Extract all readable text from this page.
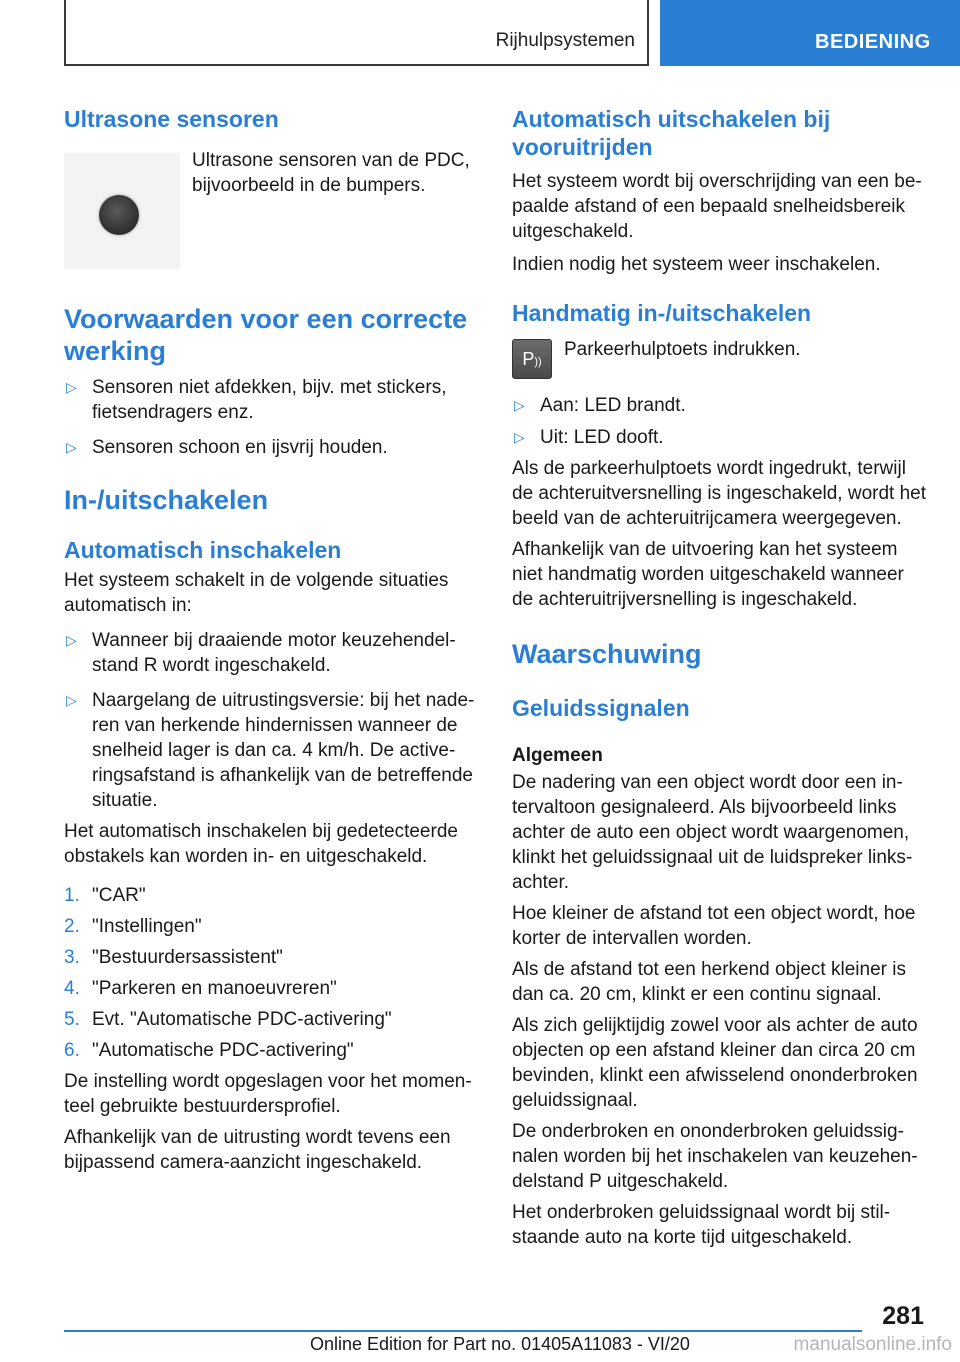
Rijhulpsystemen	BEDIENING
Ultrasone sensoren
Ultrasone sensoren van de PDC, bijvoorbeeld in de bumpers.
Voorwaarden voor een correcte werking
▷ Sensoren niet afdekken, bijv. met stickers, fietsendragers enz.
▷ Sensoren schoon en ijsvrij houden.
In-/uitschakelen
Automatisch inschakelen
Het systeem schakelt in de volgende situaties automatisch in:
▷ Wanneer bij draaiende motor keuzehendelstand R wordt ingeschakeld.
▷ Naargelang de uitrustingsversie: bij het naderen van herkende hindernissen wanneer de snelheid lager is dan ca. 4 km/h. De activeringsafstand is afhankelijk van de betreffende situatie.
Het automatisch inschakelen bij gedetecteerde obstakels kan worden in- en uitgeschakeld.
1. "CAR"
2. "Instellingen"
3. "Bestuurdersassistent"
4. "Parkeren en manoeuvreren"
5. Evt. "Automatische PDC-activering"
6. "Automatische PDC-activering"
De instelling wordt opgeslagen voor het momenteel gebruikte bestuurdersprofiel.
Afhankelijk van de uitrusting wordt tevens een bijpassend camera-aanzicht ingeschakeld.
Automatisch uitschakelen bij vooruitrijden
Het systeem wordt bij overschrijding van een bepaalde afstand of een bepaald snelheidsbereik uitgeschakeld.
Indien nodig het systeem weer inschakelen.
Handmatig in-/uitschakelen
P))
Parkeerhulptoets indrukken.
▷ Aan: LED brandt.
▷ Uit: LED dooft.
Als de parkeerhulptoets wordt ingedrukt, terwijl de achteruitversnelling is ingeschakeld, wordt het beeld van de achteruitrijcamera weergegeven.
Afhankelijk van de uitvoering kan het systeem niet handmatig worden uitgeschakeld wanneer de achteruitrijversnelling is ingeschakeld.
Waarschuwing
Geluidssignalen
Algemeen
De nadering van een object wordt door een intervaltoon gesignaleerd. Als bijvoorbeeld links achter de auto een object wordt waargenomen, klinkt het geluidssignaal uit de luidspreker linksachter.
Hoe kleiner de afstand tot een object wordt, hoe korter de intervallen worden.
Als de afstand tot een herkend object kleiner is dan ca. 20 cm, klinkt er een continu signaal.
Als zich gelijktijdig zowel voor als achter de auto objecten op een afstand kleiner dan circa 20 cm bevinden, klinkt een afwisselend ononderbroken geluidssignaal.
De onderbroken en ononderbroken geluidssignalen worden bij het inschakelen van keuzehendelstand P uitgeschakeld.
Het onderbroken geluidssignaal wordt bij stilstaande auto na korte tijd uitgeschakeld.
281
Online Edition for Part no. 01405A11083 - VI/20	manualsonline.info
